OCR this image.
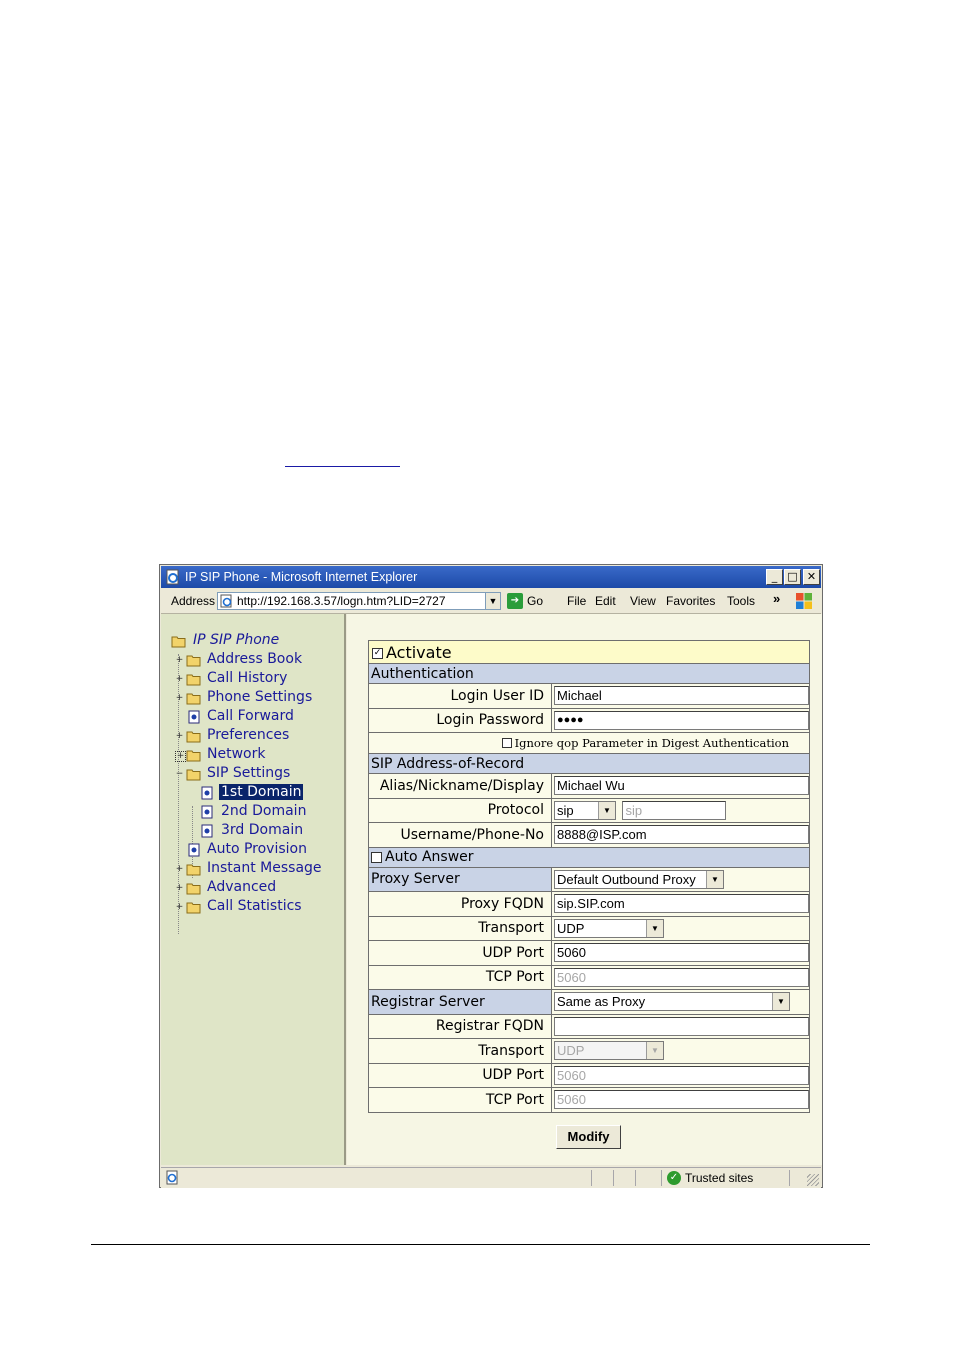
IP SIP Phone - Microsoft Internet Explorer	_ □ ✕
Address http://192.168.3.57/logn.htm?LID=2727	▼	➔ Go File Edit View Favorites Tools »
IP SIP Phone
+ Address Book
+ Call History
+ Phone Settings
Call Forward
+ Preferences
+ Network
− SIP Settings
1st Domain
2nd Domain
3rd Domain
Auto Provision
+ Instant Message
+ Advanced
+ Call Statistics
✓ Activate	
Authentication	
Login User ID	Michael
Login Password	●●●●
Ignore qop Parameter in Digest Authentication	
SIP Address-of-Record	
Alias/Nickname/Display	Michael Wu
Protocol	sip ▼ sip
Username/Phone-No	8888@ISP.com
Auto Answer	
Proxy Server	Default Outbound Proxy ▼

Proxy FQDN	sip.SIP.com
Transport	UDP ▼

UDP Port	5060
TCP Port	5060
Registrar Server	Same as Proxy ▼

Registrar FQDN	
Transport	UDP ▼

UDP Port	5060
TCP Port	5060
Modify
✓ Trusted sites
